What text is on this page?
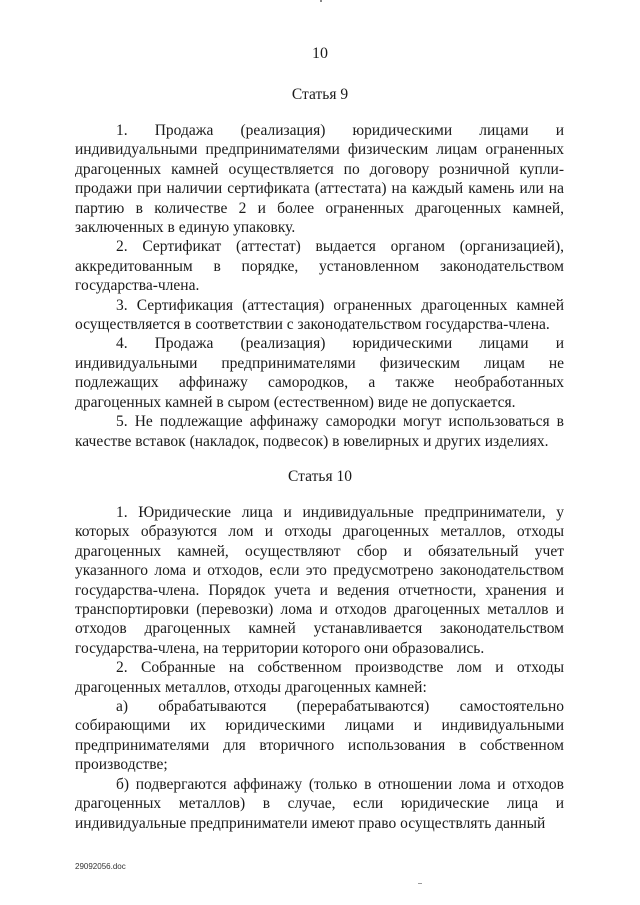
10
Статья 9

1. Продажа (реализация) юридическими лицами и индивидуальными предпринимателями физическим лицам ограненных драгоценных камней осуществляется по договору розничной купли-продажи при наличии сертификата (аттестата) на каждый камень или на партию в количестве 2 и более ограненных драгоценных камней, заключенных в единую упаковку.

2. Сертификат (аттестат) выдается органом (организацией), аккредитованным в порядке, установленном законодательством государства-члена.

3. Сертификация (аттестация) ограненных драгоценных камней осуществляется в соответствии с законодательством государства-члена.

4. Продажа (реализация) юридическими лицами и индивидуальными предпринимателями физическим лицам не подлежащих аффинажу самородков, а также необработанных драгоценных камней в сыром (естественном) виде не допускается.

5. Не подлежащие аффинажу самородки могут использоваться в качестве вставок (накладок, подвесок) в ювелирных и других изделиях.

Статья 10

1. Юридические лица и индивидуальные предприниматели, у которых образуются лом и отходы драгоценных металлов, отходы драгоценных камней, осуществляют сбор и обязательный учет указанного лома и отходов, если это предусмотрено законодательством государства-члена. Порядок учета и ведения отчетности, хранения и транспортировки (перевозки) лома и отходов драгоценных металлов и отходов драгоценных камней устанавливается законодательством государства-члена, на территории которого они образовались.

2. Собранные на собственном производстве лом и отходы драгоценных металлов, отходы драгоценных камней:

а) обрабатываются (перерабатываются) самостоятельно собирающими их юридическими лицами и индивидуальными предпринимателями для вторичного использования в собственном производстве;

б) подвергаются аффинажу (только в отношении лома и отходов драгоценных металлов) в случае, если юридические лица и индивидуальные предприниматели имеют право осуществлять данный

29092056.doc
